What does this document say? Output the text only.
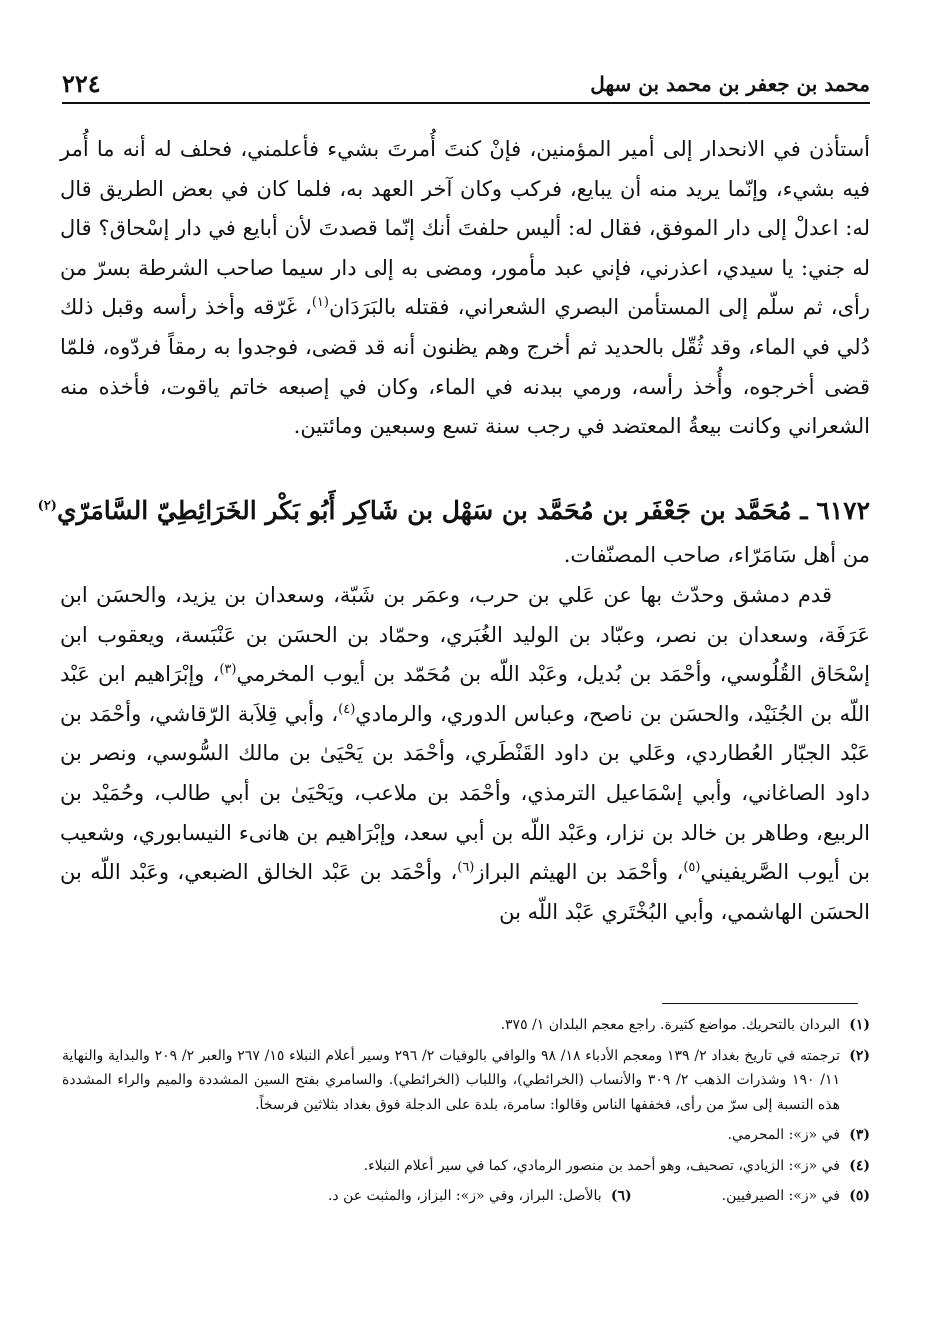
٢٢٤	محمد بن جعفر بن محمد بن سهل

أستأذن في الانحدار إلى أمير المؤمنين، فإنْ كنتَ أُمرتَ بشيء فأعلمني، فحلف له أنه ما أُمر فيه بشيء، وإنّما يريد منه أن يبايع، فركب وكان آخر العهد به، فلما كان في بعض الطريق قال له: اعدلْ إلى دار الموفق، فقال له: أليس حلفتَ أنك إنّما قصدتَ لأن أبايع في دار إسْحاق؟ قال له جني: يا سيدي، اعذرني، فإني عبد مأمور، ومضى به إلى دار سيما صاحب الشرطة بسرّ من رأى، ثم سلّم إلى المستأمن البصري الشعراني، فقتله بالبَرَدَان$^{(١)}$، غَرّقه وأخذ رأسه وقبل ذلك دُلي في الماء، وقد ثُقّل بالحديد ثم أخرج وهم يظنون أنه قد قضى، فوجدوا به رمقاً فردّوه، فلمّا قضى أخرجوه، وأُخذ رأسه، ورمي ببدنه في الماء، وكان في إصبعه خاتم ياقوت، فأخذه منه الشعراني وكانت بيعةُ المعتضد في رجب سنة تسع وسبعين ومائتين.

٦١٧٢ ـ مُحَمَّد بن جَعْفَر بن مُحَمَّد بن سَهْل بن شَاكِر أَبُو بَكْر الخَرَائِطِيّ السَّامَرّي$^{(٢)}$

من أهل سَامَرّاء، صاحب المصنّفات.

قدم دمشق وحدّث بها عن عَلي بن حرب، وعمَر بن شَبّة، وسعدان بن يزيد، والحسَن ابن عَرَفَة، وسعدان بن نصر، وعبّاد بن الوليد الغُبَري، وحمّاد بن الحسَن بن عَنْبَسة، ويعقوب ابن إسْحَاق القُلُوسي، وأحْمَد بن بُديل، وعَبْد اللّه بن مُحَمّد بن أيوب المخرمي$^{(٣)}$، وإبْرَاهيم ابن عَبْد اللّه بن الجُنَيْد، والحسَن بن ناصح، وعباس الدوري، والرمادي$^{(٤)}$، وأبي قِلاَبة الرّقاشي، وأحْمَد بن عَبْد الجبّار العُطاردي، وعَلي بن داود القَنْطَري، وأحْمَد بن يَحْيَىٰ بن مالك السُّوسي، ونصر بن داود الصاغاني، وأبي إسْمَاعيل الترمذي، وأحْمَد بن ملاعب، ويَحْيَىٰ بن أبي طالب، وحُمَيْد بن الربيع، وطاهر بن خالد بن نزار، وعَبْد اللّه بن أبي سعد، وإبْرَاهيم بن هانىء النيسابوري، وشعيب بن أيوب الصَّريفيني$^{(٥)}$، وأحْمَد بن الهيثم البراز$^{(٦)}$، وأحْمَد بن عَبْد الخالق الضبعي، وعَبْد اللّه بن الحسَن الهاشمي، وأبي البُخْتَري عَبْد اللّه بن

(١)
البردان بالتحريك. مواضع كثيرة. راجع معجم البلدان ١/ ٣٧٥.
(٢)
ترجمته في تاريخ بغداد ٢/ ١٣٩ ومعجم الأدباء ١٨/ ٩٨ والوافي بالوفيات ٢/ ٢٩٦ وسير أعلام النبلاء ١٥/ ٢٦٧ والعبر ٢/ ٢٠٩ والبداية والنهاية ١١/ ١٩٠ وشذرات الذهب ٢/ ٣٠٩ والأنساب (الخرائطي)، واللباب (الخرائطي). والسامري بفتح السين المشددة والميم والراء المشددة هذه النسبة إلى سرّ من رأى، فخففها الناس وقالوا: سامرة، بلدة على الدجلة فوق بغداد بثلاثين فرسخاً.
(٣)
في «ز»: المحرمي.
(٤)
في «ز»: الزيادي، تصحيف، وهو أحمد بن منصور الرمادي، كما في سير أعلام النبلاء.
(٥)
في «ز»: الصيرفيين.
(٦)
بالأصل: البراز، وفي «ز»: البزاز، والمثبت عن د.
